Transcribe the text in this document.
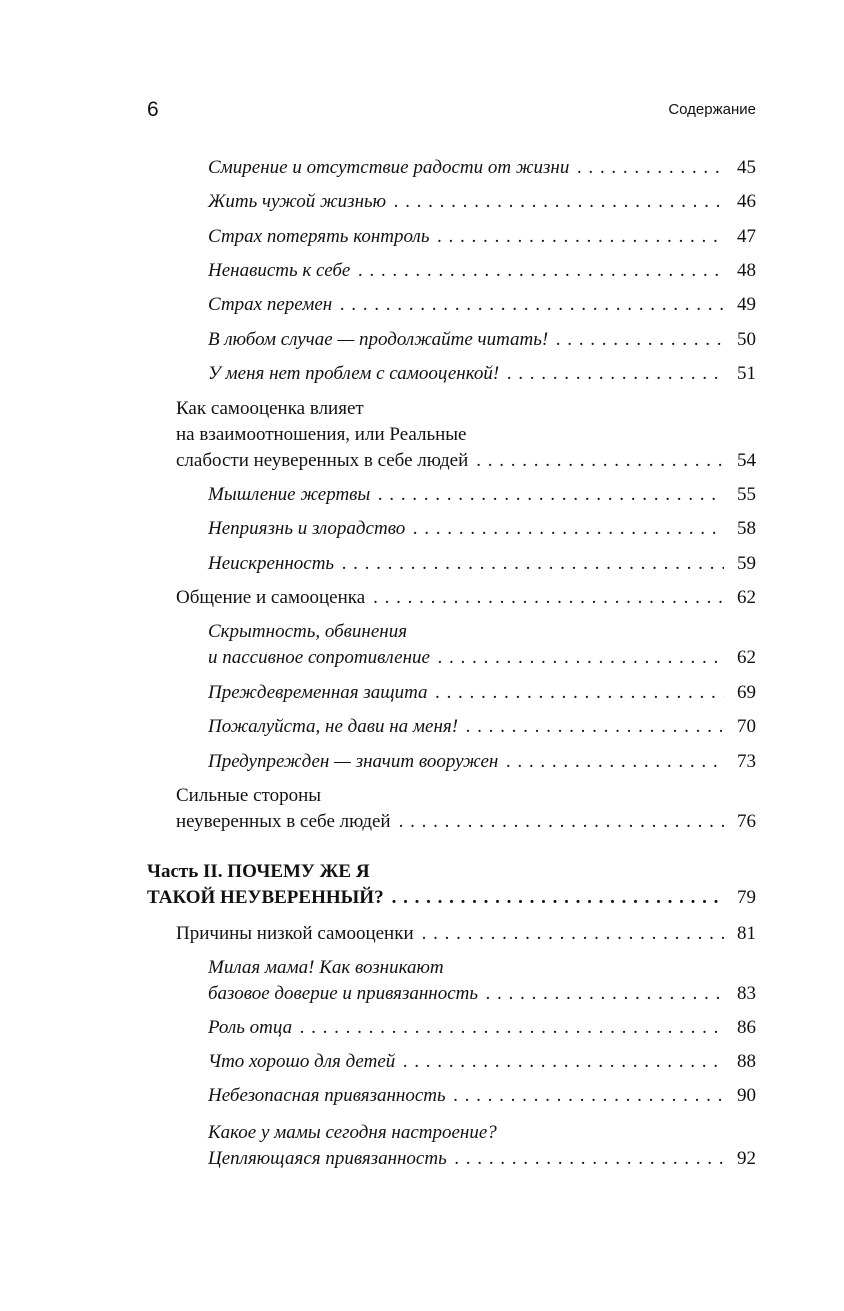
6	Содержание
Смирение и отсутствие радости от жизни . . .	45
Жить чужой жизнью . . .	46
Страх потерять контроль . . .	47
Ненависть к себе . . .	48
Страх перемен . . .	49
В любом случае — продолжайте читать! . . .	50
У меня нет проблем с самооценкой! . . .	51
Как самооценка влияет
на взаимоотношения, или Реальные
слабости неуверенных в себе людей . . .	54
Мышление жертвы . . .	55
Неприязнь и злорадство . . .	58
Неискренность . . .	59
Общение и самооценка . . .	62
Скрытность, обвинения
и пассивное сопротивление . . .	62
Преждевременная защита . . .	69
Пожалуйста, не дави на меня! . . .	70
Предупрежден — значит вооружен . . .	73
Сильные стороны
неуверенных в себе людей . . .	76
Часть II. ПОЧЕМУ ЖЕ Я
ТАКОЙ НЕУВЕРЕННЫЙ? . . .	79
Причины низкой самооценки . . .	81
Милая мама! Как возникают
базовое доверие и привязанность . . .	83
Роль отца . . .	86
Что хорошо для детей . . .	88
Небезопасная привязанность . . .	90
Какое у мамы сегодня настроение?
Цепляющаяся привязанность . . .	92
